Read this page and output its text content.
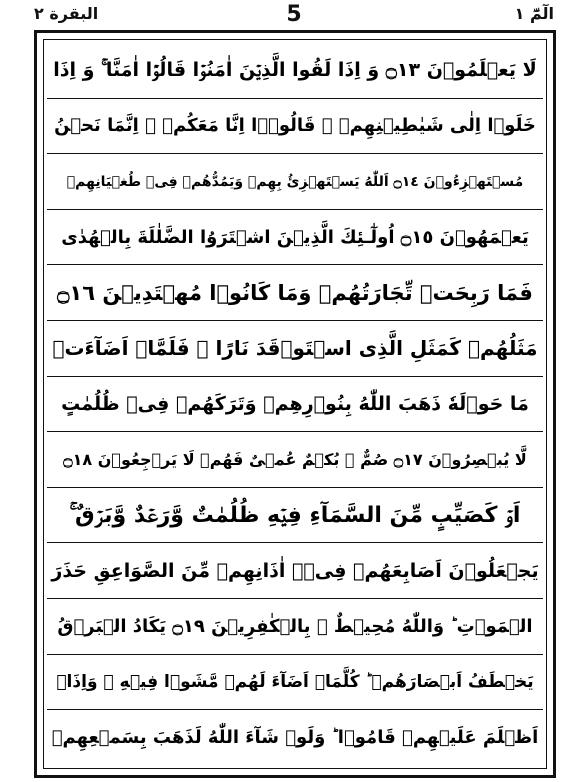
البقرة ٢	5	الٓمّٓ ١
لَا يَعۡلَمُوۡنَ ۝١٣ وَ اِذَا لَقُوا الَّذِيۡنَ اٰمَنُوۡا قَالُوۡۤا اٰمَنَّا ۚ وَ اِذَا
خَلَوۡا اِلٰى شَيٰطِيۡنِهِمۡ ۙ قَالُوۡۤا اِنَّا مَعَكُمۡ ۙ اِنَّمَا نَحۡنُ
مُسۡتَهۡزِءُوۡنَ ۝١٤ اَللّٰهُ يَسۡتَهۡزِئُ بِهِمۡ وَيَمُدُّهُمۡ فِىۡ طُغۡيَانِهِمۡ
يَعۡمَهُوۡنَ ۝١٥ اُولٰٓـئِكَ الَّذِيۡنَ اشۡتَرَوُا الضَّلٰلَةَ بِالۡهُدٰى
فَمَا رَبِحَتۡ تِّجَارَتُهُمۡ وَمَا كَانُوۡا مُهۡتَدِيۡنَ ۝١٦
مَثَلُهُمۡ كَمَثَلِ الَّذِى اسۡتَوۡقَدَ نَارًا ۚ فَلَمَّاۤ اَضَآءَتۡ
مَا حَوۡلَهٗ ذَهَبَ اللّٰهُ بِنُوۡرِهِمۡ وَتَرَكَهُمۡ فِىۡ ظُلُمٰتٍ
لَّا يُبۡصِرُوۡنَ ۝١٧ صُمٌّ ۢ بُكۡمٌ عُمۡىٌ فَهُمۡ لَا يَرۡجِعُوۡنَ ۝١٨
اَوۡ كَصَيِّبٍ مِّنَ السَّمَآءِ فِيۡهِ ظُلُمٰتٌ وَّرَعۡدٌ وَّبَرۡقٌ ۚ
يَجۡعَلُوۡنَ اَصَابِعَهُمۡ فِىۡۤ اٰذَانِهِمۡ مِّنَ الصَّوَاعِقِ حَذَرَ
الۡمَوۡتِ ؕ وَاللّٰهُ مُحِيۡطٌ ۢ بِالۡكٰفِرِيۡنَ ۝١٩ يَكَادُ الۡبَرۡقُ
يَخۡطَفُ اَبۡصَارَهُمۡ ؕ كُلَّمَاۤ اَضَآءَ لَهُمۡ مَّشَوۡا فِيۡهِ ۙ وَاِذَاۤ
اَظۡلَمَ عَلَيۡهِمۡ قَامُوۡا ؕ وَلَوۡ شَآءَ اللّٰهُ لَذَهَبَ بِسَمۡعِهِمۡ
